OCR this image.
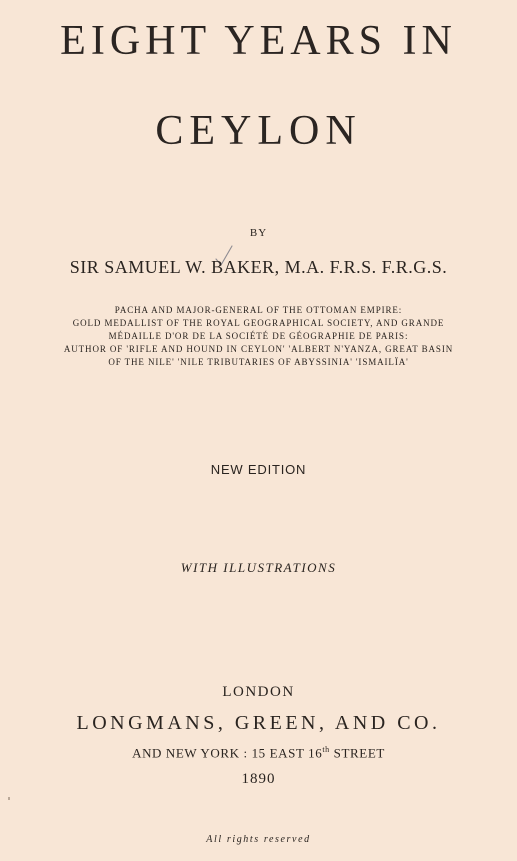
EIGHT YEARS IN
CEYLON
BY
SIR SAMUEL W. BAKER, M.A. F.R.S. F.R.G.S.
PACHA AND MAJOR-GENERAL OF THE OTTOMAN EMPIRE:
GOLD MEDALLIST OF THE ROYAL GEOGRAPHICAL SOCIETY, AND GRANDE
MÉDAILLE D'OR DE LA SOCIÉTÉ DE GÉOGRAPHIE DE PARIS:
AUTHOR OF 'RIFLE AND HOUND IN CEYLON' 'ALBERT N'YANZA, GREAT BASIN
OF THE NILE' 'NILE TRIBUTARIES OF ABYSSINIA' 'ISMAILÏA'
NEW EDITION
WITH ILLUSTRATIONS
LONDON
LONGMANS, GREEN, AND CO.
AND NEW YORK : 15 EAST 16th STREET
1890
All rights reserved
